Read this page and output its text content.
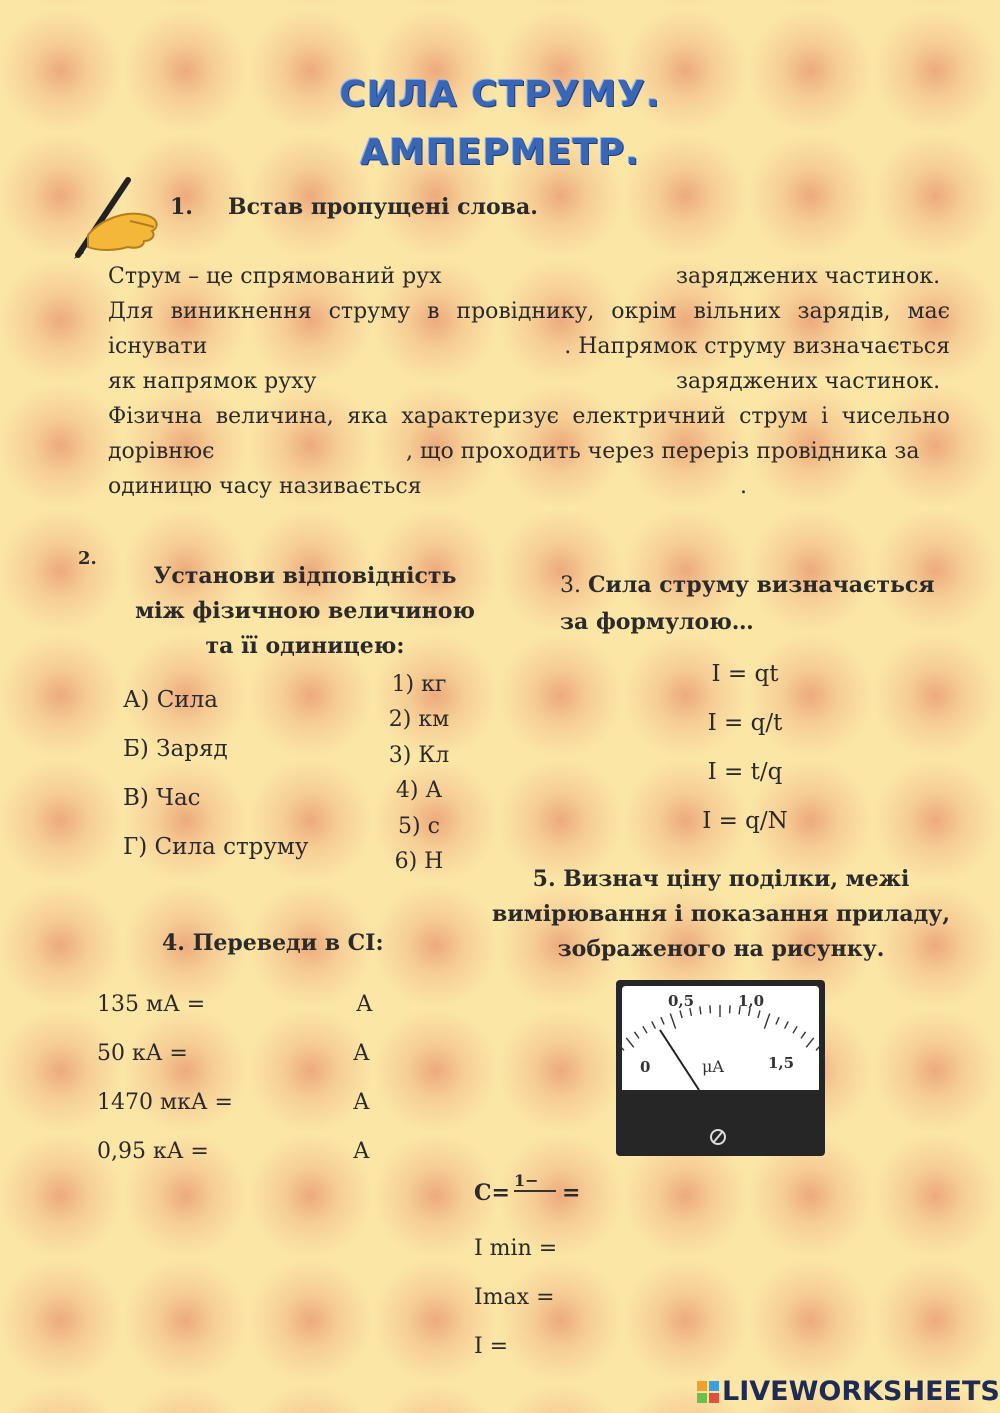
СИЛА СТРУМУ.
АМПЕРМЕТР.
1. Встав пропущені слова.
Струм – це спрямований рух	заряджених частинок.
Для виникнення струму в провіднику, окрім вільних зарядів, має
існувати	. Напрямок струму визначається
як напрямок руху	заряджених частинок.
Фізична величина, яка характеризує електричний струм і чисельно
дорівнює	, що проходить через переріз провідника за
одиницю часу називається	.
2.
Установи відповідність
між фізичною величиною
та її одиницею:
А) Сила
Б) Заряд
В) Час
Г) Сила струму
1) кг
2) км
3) Кл
4) А
5) с
6) Н
3. Сила струму визначається
за формулою…
I = qt
I = q/t
I = t/q
I = q/N
4. Переведи в СІ:
135 мА =	А
50 кА =	А
1470 мкА =	А
0,95 кА =	А
5. Визнач ціну поділки, межі
вимірювання і показання приладу,
зображеного на рисунку.
0,5	1,0
0	1,5
μA
C= 1−	=
I min =
Imax =
I =
LIVEWORKSHEETS
